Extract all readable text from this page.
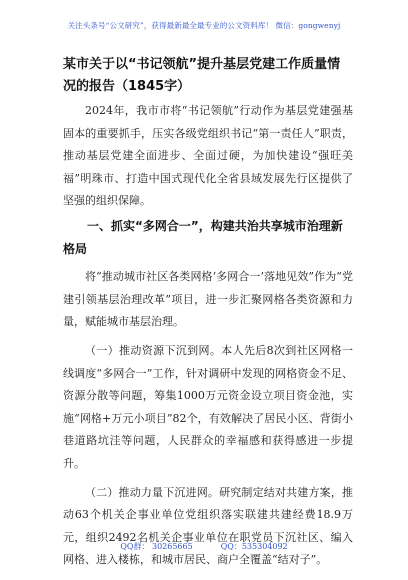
关注头条号“公文研究”，获得最新最全最专业的公文资料库！ 微信：gongwenyj

某市关于以“书记领航”提升基层党建工作质量情况的报告（1845字）

2024年，我市市将“书记领航”行动作为基层党建强基固本的重要抓手，压实各级党组织书记“第一责任人”职责，推动基层党建全面进步、全面过硬，为加快建设“强旺美福”明珠市、打造中国式现代化全省县域发展先行区提供了坚强的组织保障。

一、抓实“多网合一”，构建共治共享城市治理新格局

将“推动城市社区各类网格‘多网合一’落地见效”作为“党建引领基层治理改革”项目，进一步汇聚网格各类资源和力量，赋能城市基层治理。

（一）推动资源下沉到网。本人先后8次到社区网格一线调度“多网合一”工作，针对调研中发现的网格资金不足、资源分散等问题，筹集1000万元资金设立项目资金池，实施“网格+万元小项目”82个，有效解决了居民小区、背街小巷道路坑洼等问题，人民群众的幸福感和获得感进一步提升。

（二）推动力量下沉进网。研究制定结对共建方案，推动63个机关企事业单位党组织落实联建共建经费18.9万元，组织2492名机关企事业单位在职党员下沉社区、编入网格、进入楼栋，和城市居民、商户全覆盖“结对子”。

QQ群： 30265665	QQ：535304092
